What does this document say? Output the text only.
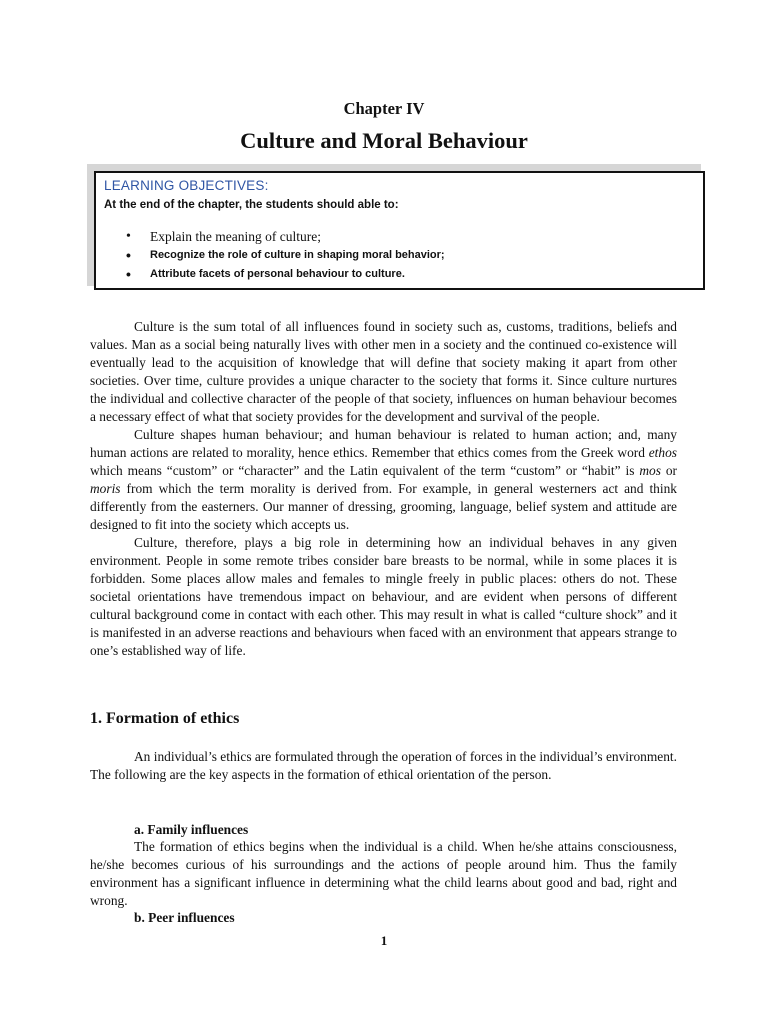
Chapter IV
Culture and Moral Behaviour
LEARNING OBJECTIVES:
At the end of the chapter, the students should able to:
• Explain the meaning of culture;
• Recognize the role of culture in shaping moral behavior;
• Attribute facets of personal behaviour to culture.

Culture is the sum total of all influences found in society such as, customs, traditions, beliefs and values. Man as a social being naturally lives with other men in a society and the continued co-existence will eventually lead to the acquisition of knowledge that will define that society making it apart from other societies. Over time, culture provides a unique character to the society that forms it. Since culture nurtures the individual and collective character of the people of that society, influences on human behaviour becomes a necessary effect of what that society provides for the development and survival of the people.

Culture shapes human behaviour; and human behaviour is related to human action; and, many human actions are related to morality, hence ethics. Remember that ethics comes from the Greek word ethos which means “custom” or “character” and the Latin equivalent of the term “custom” or “habit” is mos or moris from which the term morality is derived from. For example, in general westerners act and think differently from the easterners. Our manner of dressing, grooming, language, belief system and attitude are designed to fit into the society which accepts us.

Culture, therefore, plays a big role in determining how an individual behaves in any given environment. People in some remote tribes consider bare breasts to be normal, while in some places it is forbidden. Some places allow males and females to mingle freely in public places: others do not. These societal orientations have tremendous impact on behaviour, and are evident when persons of different cultural background come in contact with each other. This may result in what is called “culture shock” and it is manifested in an adverse reactions and behaviours when faced with an environment that appears strange to one’s established way of life.

1. Formation of ethics

An individual’s ethics are formulated through the operation of forces in the individual’s environment. The following are the key aspects in the formation of ethical orientation of the person.

a. Family influences

The formation of ethics begins when the individual is a child. When he/she attains consciousness, he/she becomes curious of his surroundings and the actions of people around him. Thus the family environment has a significant influence in determining what the child learns about good and bad, right and wrong.

b. Peer influences
1
